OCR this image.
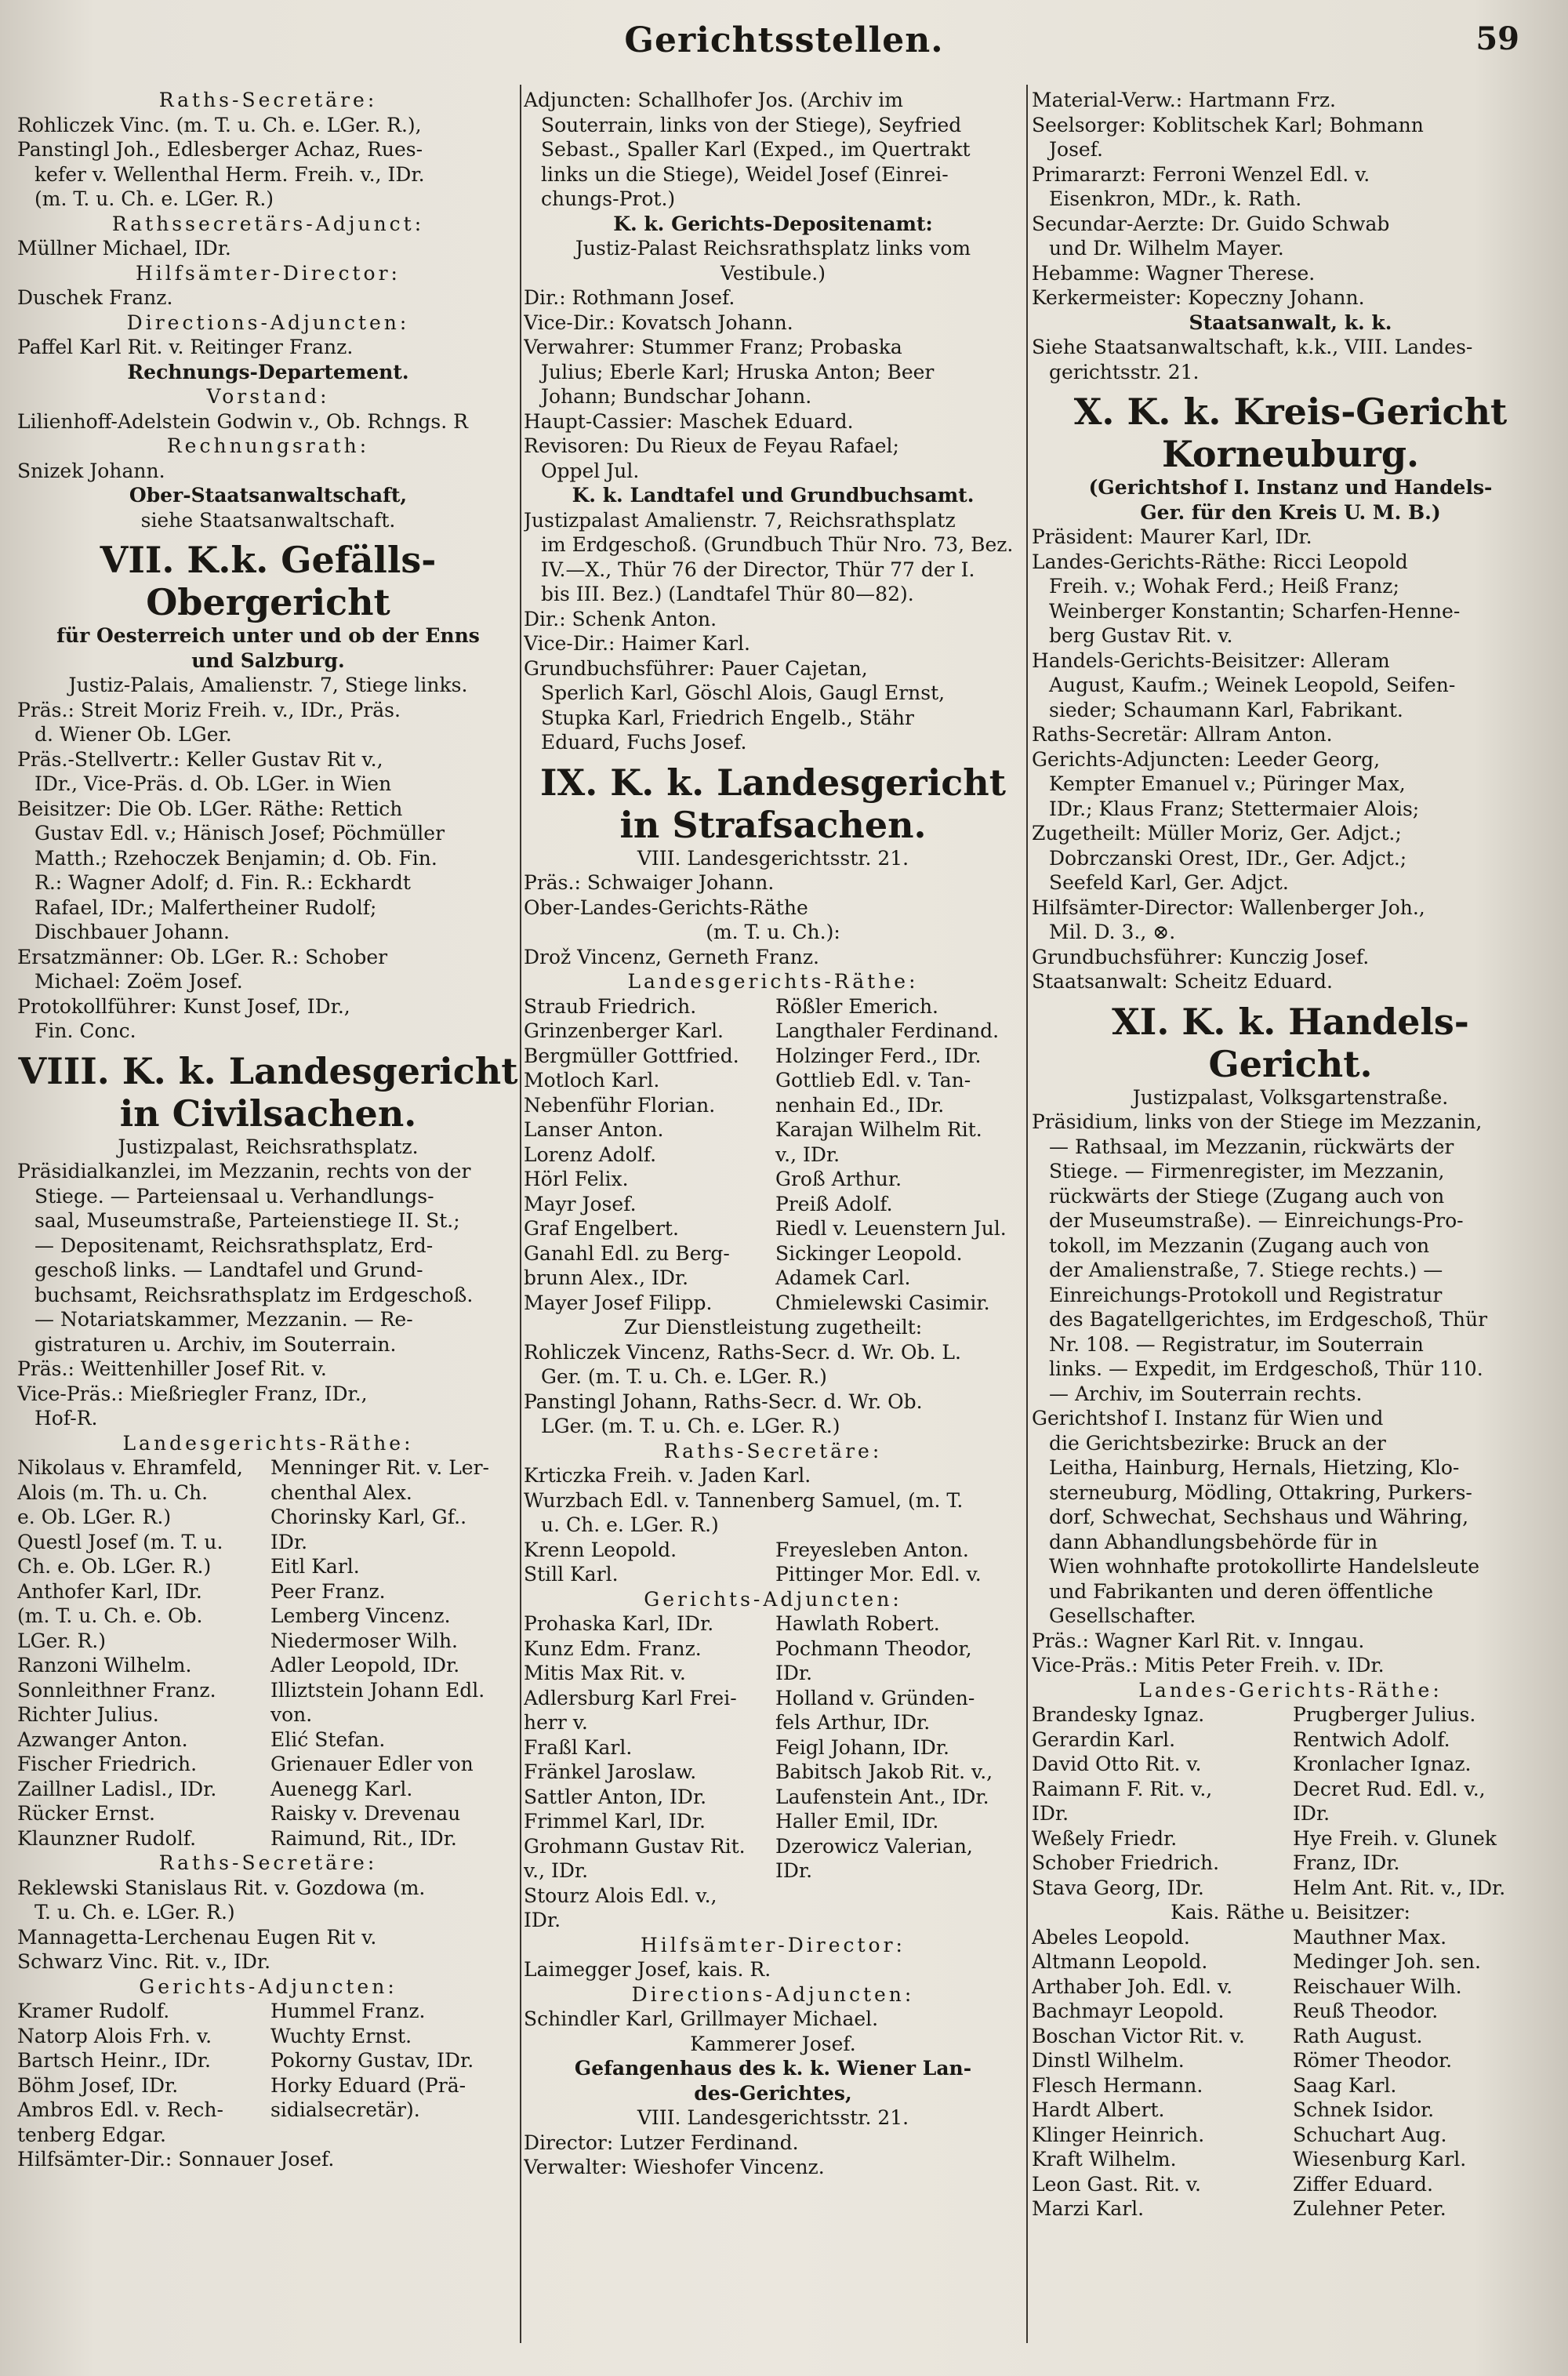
Gerichtsstellen.	59
Raths-Secretäre:
Rohliczek Vinc. (m. T. u. Ch. e. LGer. R.),
Panstingl Joh., Edlesberger Achaz, Rues-
kefer v. Wellenthal Herm. Freih. v., IDr.
(m. T. u. Ch. e. LGer. R.)
Rathssecretärs-Adjunct:
Müllner Michael, IDr.
Hilfsämter-Director:
Duschek Franz.
Directions-Adjuncten:
Paffel Karl Rit. v. Reitinger Franz.
Rechnungs-Departement.
Vorstand:
Lilienhoff-Adelstein Godwin v., Ob. Rchngs. R
Rechnungsrath:
Snizek Johann.
Ober-Staatsanwaltschaft,
siehe Staatsanwaltschaft.
VII. K.k. Gefälls-Obergericht
für Oesterreich unter und ob der Enns
und Salzburg.
Justiz-Palais, Amalienstr. 7, Stiege links.
Präs.: Streit Moriz Freih. v., IDr., Präs.
d. Wiener Ob. LGer.
Präs.-Stellvertr.: Keller Gustav Rit v.,
IDr., Vice-Präs. d. Ob. LGer. in Wien
Beisitzer: Die Ob. LGer. Räthe: Rettich
Gustav Edl. v.; Hänisch Josef; Pöchmüller
Matth.; Rzehoczek Benjamin; d. Ob. Fin.
R.: Wagner Adolf; d. Fin. R.: Eckhardt
Rafael, IDr.; Malfertheiner Rudolf;
Dischbauer Johann.
Ersatzmänner: Ob. LGer. R.: Schober
Michael: Zoëm Josef.
Protokollführer: Kunst Josef, IDr.,
Fin. Conc.
VIII. K. k. Landesgericht in Civilsachen.
Justizpalast, Reichsrathsplatz.
Präsidialkanzlei, im Mezzanin, rechts von der
Stiege. — Parteiensaal u. Verhandlungs-
saal, Museumstraße, Parteienstiege II. St.;
— Depositenamt, Reichsrathsplatz, Erd-
geschoß links. — Landtafel und Grund-
buchsamt, Reichsrathsplatz im Erdgeschoß.
— Notariatskammer, Mezzanin. — Re-
gistraturen u. Archiv, im Souterrain.
Präs.: Weittenhiller Josef Rit. v.
Vice-Präs.: Mießriegler Franz, IDr.,
Hof-R.
Landesgerichts-Räthe:
Nikolaus v. Ehramfeld,	Menninger Rit. v. Ler-
Alois (m. Th. u. Ch.	chenthal Alex.
e. Ob. LGer. R.)	Chorinsky Karl, Gf..
Questl Josef (m. T. u.	IDr.
Ch. e. Ob. LGer. R.)	Eitl Karl.
Anthofer Karl, IDr.	Peer Franz.
(m. T. u. Ch. e. Ob.	Lemberg Vincenz.
LGer. R.)	Niedermoser Wilh.
Ranzoni Wilhelm.	Adler Leopold, IDr.
Sonnleithner Franz.	Illiztstein Johann Edl.
Richter Julius.	von.
Azwanger Anton.	Elić Stefan.
Fischer Friedrich.	Grienauer Edler von
Zaillner Ladisl., IDr.	Auenegg Karl.
Rücker Ernst.	Raisky v. Drevenau
Klaunzner Rudolf.	Raimund, Rit., IDr.
Raths-Secretäre:
Reklewski Stanislaus Rit. v. Gozdowa (m.
T. u. Ch. e. LGer. R.)
Mannagetta-Lerchenau Eugen Rit v.
Schwarz Vinc. Rit. v., IDr.
Gerichts-Adjuncten:
Kramer Rudolf.	Hummel Franz.
Natorp Alois Frh. v.	Wuchty Ernst.
Bartsch Heinr., IDr.	Pokorny Gustav, IDr.
Böhm Josef, IDr.	Horky Eduard (Prä-
Ambros Edl. v. Rech-	sidialsecretär).
tenberg Edgar.
Hilfsämter-Dir.: Sonnauer Josef.
Adjuncten: Schallhofer Jos. (Archiv im
Souterrain, links von der Stiege), Seyfried
Sebast., Spaller Karl (Exped., im Quertrakt
links un die Stiege), Weidel Josef (Einrei-
chungs-Prot.)
K. k. Gerichts-Depositenamt:
Justiz-Palast Reichsrathsplatz links vom
Vestibule.)
Dir.: Rothmann Josef.
Vice-Dir.: Kovatsch Johann.
Verwahrer: Stummer Franz; Probaska
Julius; Eberle Karl; Hruska Anton; Beer
Johann; Bundschar Johann.
Haupt-Cassier: Maschek Eduard.
Revisoren: Du Rieux de Feyau Rafael;
Oppel Jul.
K. k. Landtafel und Grundbuchsamt.
Justizpalast Amalienstr. 7, Reichsrathsplatz
im Erdgeschoß. (Grundbuch Thür Nro. 73, Bez.
IV.—X., Thür 76 der Director, Thür 77 der I.
bis III. Bez.) (Landtafel Thür 80—82).
Dir.: Schenk Anton.
Vice-Dir.: Haimer Karl.
Grundbuchsführer: Pauer Cajetan,
Sperlich Karl, Göschl Alois, Gaugl Ernst,
Stupka Karl, Friedrich Engelb., Stähr
Eduard, Fuchs Josef.
IX. K. k. Landesgericht in Strafsachen.
VIII. Landesgerichtsstr. 21.
Präs.: Schwaiger Johann.
Ober-Landes-Gerichts-Räthe
(m. T. u. Ch.):
Drož Vincenz, Gerneth Franz.
Landesgerichts-Räthe:
Straub Friedrich.	Rößler Emerich.
Grinzenberger Karl.	Langthaler Ferdinand.
Bergmüller Gottfried.	Holzinger Ferd., IDr.
Motloch Karl.	Gottlieb Edl. v. Tan-
Nebenführ Florian.	nenhain Ed., IDr.
Lanser Anton.	Karajan Wilhelm Rit.
Lorenz Adolf.	v., IDr.
Hörl Felix.	Groß Arthur.
Mayr Josef.	Preiß Adolf.
Graf Engelbert.	Riedl v. Leuenstern Jul.
Ganahl Edl. zu Berg-	Sickinger Leopold.
brunn Alex., IDr.	Adamek Carl.
Mayer Josef Filipp.	Chmielewski Casimir.
Zur Dienstleistung zugetheilt:
Rohliczek Vincenz, Raths-Secr. d. Wr. Ob. L.
Ger. (m. T. u. Ch. e. LGer. R.)
Panstingl Johann, Raths-Secr. d. Wr. Ob.
LGer. (m. T. u. Ch. e. LGer. R.)
Raths-Secretäre:
Krticzka Freih. v. Jaden Karl.
Wurzbach Edl. v. Tannenberg Samuel, (m. T.
u. Ch. e. LGer. R.)
Krenn Leopold.	Freyesleben Anton.
Still Karl.	Pittinger Mor. Edl. v.
Gerichts-Adjuncten:
Prohaska Karl, IDr.	Hawlath Robert.
Kunz Edm. Franz.	Pochmann Theodor,
Mitis Max Rit. v.	IDr.
Adlersburg Karl Frei-	Holland v. Gründen-
herr v.	fels Arthur, IDr.
Fraßl Karl.	Feigl Johann, IDr.
Fränkel Jaroslaw.	Babitsch Jakob Rit. v.,
Sattler Anton, IDr.	Laufenstein Ant., IDr.
Frimmel Karl, IDr.	Haller Emil, IDr.
Grohmann Gustav Rit.	Dzerowicz Valerian,
v., IDr.	IDr.
Stourz Alois Edl. v.,
IDr.
Hilfsämter-Director:
Laimegger Josef, kais. R.
Directions-Adjuncten:
Schindler Karl, Grillmayer Michael.
Kammerer Josef.
Gefangenhaus des k. k. Wiener Lan-
des-Gerichtes,
VIII. Landesgerichtsstr. 21.
Director: Lutzer Ferdinand.
Verwalter: Wieshofer Vincenz.
Material-Verw.: Hartmann Frz.
Seelsorger: Koblitschek Karl; Bohmann
Josef.
Primararzt: Ferroni Wenzel Edl. v.
Eisenkron, MDr., k. Rath.
Secundar-Aerzte: Dr. Guido Schwab
und Dr. Wilhelm Mayer.
Hebamme: Wagner Therese.
Kerkermeister: Kopeczny Johann.
Staatsanwalt, k. k.
Siehe Staatsanwaltschaft, k.k., VIII. Landes-
gerichtsstr. 21.
X. K. k. Kreis-Gericht Korneuburg.
(Gerichtshof I. Instanz und Handels-
Ger. für den Kreis U. M. B.)
Präsident: Maurer Karl, IDr.
Landes-Gerichts-Räthe: Ricci Leopold
Freih. v.; Wohak Ferd.; Heiß Franz;
Weinberger Konstantin; Scharfen-Henne-
berg Gustav Rit. v.
Handels-Gerichts-Beisitzer: Alleram
August, Kaufm.; Weinek Leopold, Seifen-
sieder; Schaumann Karl, Fabrikant.
Raths-Secretär: Allram Anton.
Gerichts-Adjuncten: Leeder Georg,
Kempter Emanuel v.; Püringer Max,
IDr.; Klaus Franz; Stettermaier Alois;
Zugetheilt: Müller Moriz, Ger. Adjct.;
Dobrczanski Orest, IDr., Ger. Adjct.;
Seefeld Karl, Ger. Adjct.
Hilfsämter-Director: Wallenberger Joh.,
Mil. D. 3., ⊗.
Grundbuchsführer: Kunczig Josef.
Staatsanwalt: Scheitz Eduard.
XI. K. k. Handels-Gericht.
Justizpalast, Volksgartenstraße.
Präsidium, links von der Stiege im Mezzanin,
— Rathsaal, im Mezzanin, rückwärts der
Stiege. — Firmenregister, im Mezzanin,
rückwärts der Stiege (Zugang auch von
der Museumstraße). — Einreichungs-Pro-
tokoll, im Mezzanin (Zugang auch von
der Amalienstraße, 7. Stiege rechts.) —
Einreichungs-Protokoll und Registratur
des Bagatellgerichtes, im Erdgeschoß, Thür
Nr. 108. — Registratur, im Souterrain
links. — Expedit, im Erdgeschoß, Thür 110.
— Archiv, im Souterrain rechts.
Gerichtshof I. Instanz für Wien und
die Gerichtsbezirke: Bruck an der
Leitha, Hainburg, Hernals, Hietzing, Klo-
sterneuburg, Mödling, Ottakring, Purkers-
dorf, Schwechat, Sechshaus und Währing,
dann Abhandlungsbehörde für in
Wien wohnhafte protokollirte Handelsleute
und Fabrikanten und deren öffentliche
Gesellschafter.
Präs.: Wagner Karl Rit. v. Inngau.
Vice-Präs.: Mitis Peter Freih. v. IDr.
Landes-Gerichts-Räthe:
Brandesky Ignaz.	Prugberger Julius.
Gerardin Karl.	Rentwich Adolf.
David Otto Rit. v.	Kronlacher Ignaz.
Raimann F. Rit. v.,	Decret Rud. Edl. v.,
IDr.	IDr.
Weßely Friedr.	Hye Freih. v. Glunek
Schober Friedrich.	Franz, IDr.
Stava Georg, IDr.	Helm Ant. Rit. v., IDr.
Kais. Räthe u. Beisitzer:
Abeles Leopold.	Mauthner Max.
Altmann Leopold.	Medinger Joh. sen.
Arthaber Joh. Edl. v.	Reischauer Wilh.
Bachmayr Leopold.	Reuß Theodor.
Boschan Victor Rit. v.	Rath August.
Dinstl Wilhelm.	Römer Theodor.
Flesch Hermann.	Saag Karl.
Hardt Albert.	Schnek Isidor.
Klinger Heinrich.	Schuchart Aug.
Kraft Wilhelm.	Wiesenburg Karl.
Leon Gast. Rit. v.	Ziffer Eduard.
Marzi Karl.	Zulehner Peter.
